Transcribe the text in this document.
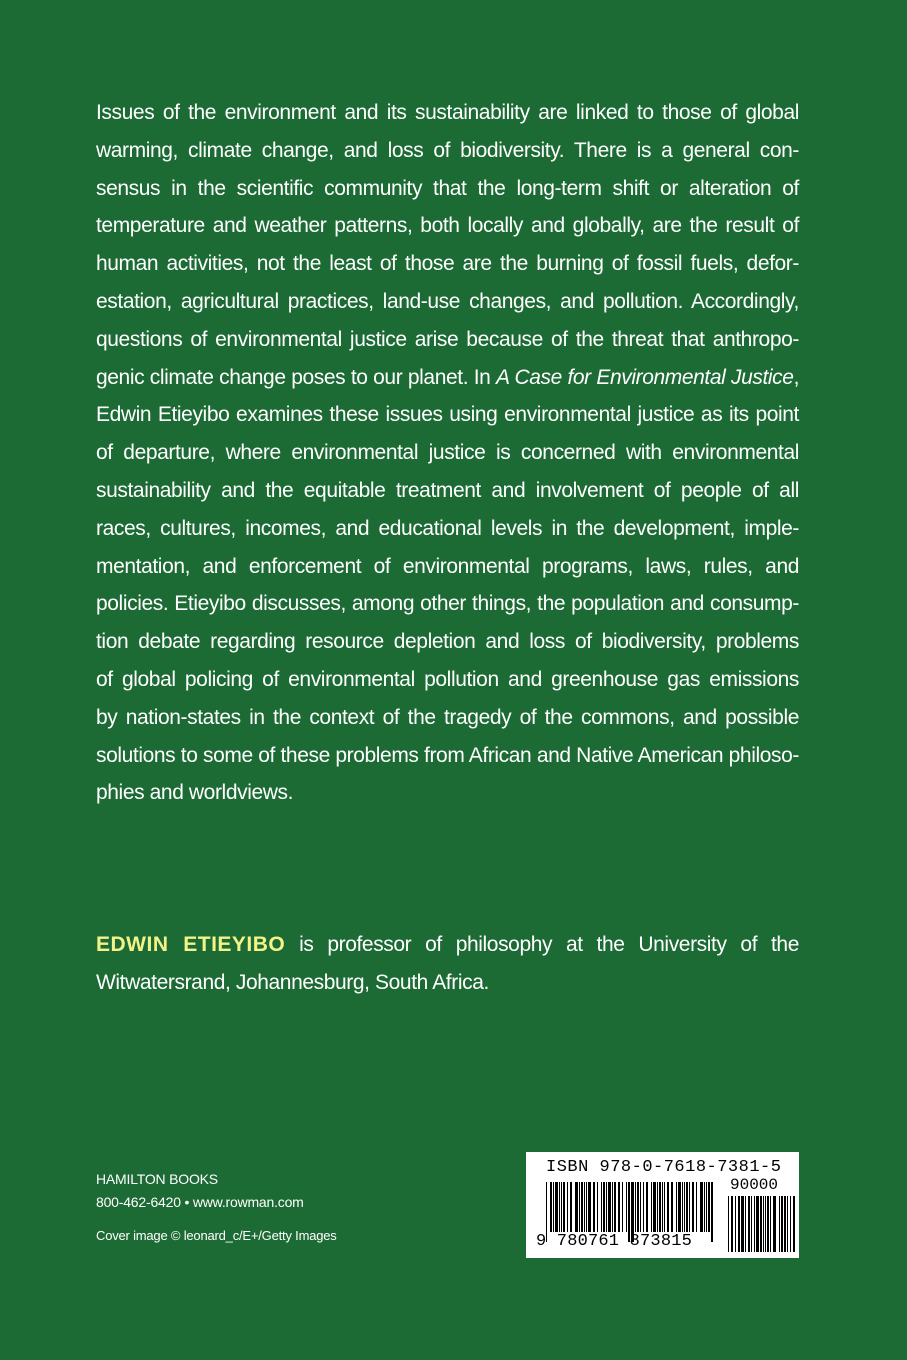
Issues of the environment and its sustainability are linked to those of global
warming, climate change, and loss of biodiversity. There is a general con-
sensus in the scientific community that the long-term shift or alteration of
temperature and weather patterns, both locally and globally, are the result of
human activities, not the least of those are the burning of fossil fuels, defor-
estation, agricultural practices, land-use changes, and pollution. Accordingly,
questions of environmental justice arise because of the threat that anthropo-
genic climate change poses to our planet. In A Case for Environmental Justice,
Edwin Etieyibo examines these issues using environmental justice as its point
of departure, where environmental justice is concerned with environmental
sustainability and the equitable treatment and involvement of people of all
races, cultures, incomes, and educational levels in the development, imple-
mentation, and enforcement of environmental programs, laws, rules, and
policies. Etieyibo discusses, among other things, the population and consump-
tion debate regarding resource depletion and loss of biodiversity, problems
of global policing of environmental pollution and greenhouse gas emissions
by nation-states in the context of the tragedy of the commons, and possible
solutions to some of these problems from African and Native American philoso-
phies and worldviews.
EDWIN ETIEYIBO is professor of philosophy at the University of the
Witwatersrand, Johannesburg, South Africa.
HAMILTON BOOKS
800-462-6420 • www.rowman.com
Cover image © leonard_c/E+/Getty Images
ISBN 978-0-7618-7381-5
90000
9 780761 873815
